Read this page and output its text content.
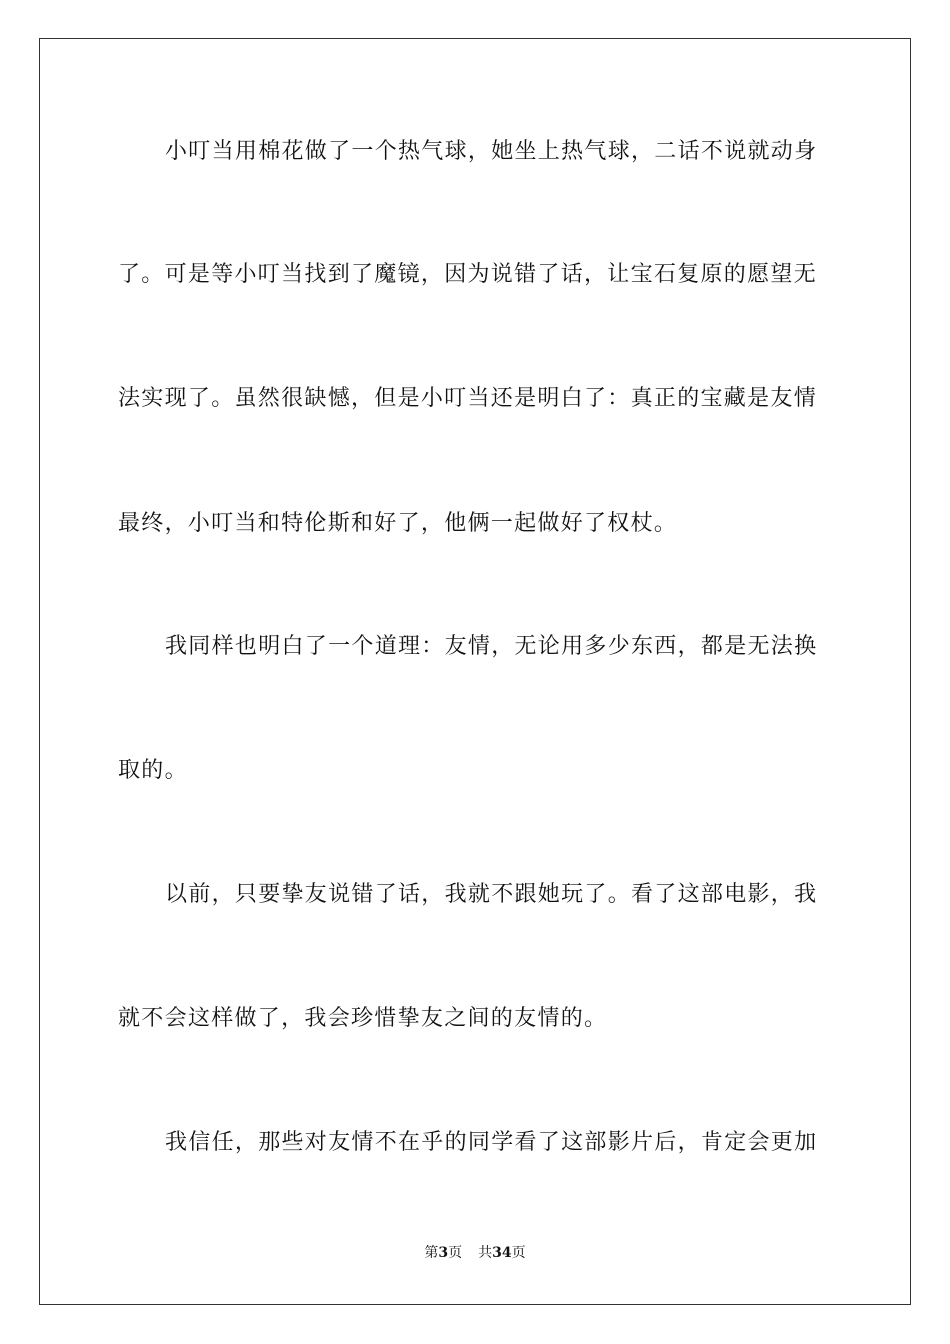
小叮当用棉花做了一个热气球，她坐上热气球，二话不说就动身
了。可是等小叮当找到了魔镜，因为说错了话，让宝石复原的愿望无
法实现了。虽然很缺憾，但是小叮当还是明白了：真正的宝藏是友情
最终，小叮当和特伦斯和好了，他俩一起做好了权杖。
我同样也明白了一个道理：友情，无论用多少东西，都是无法换
取的。
以前，只要挚友说错了话，我就不跟她玩了。看了这部电影，我
就不会这样做了，我会珍惜挚友之间的友情的。
我信任，那些对友情不在乎的同学看了这部影片后，肯定会更加
第3页 共34页
